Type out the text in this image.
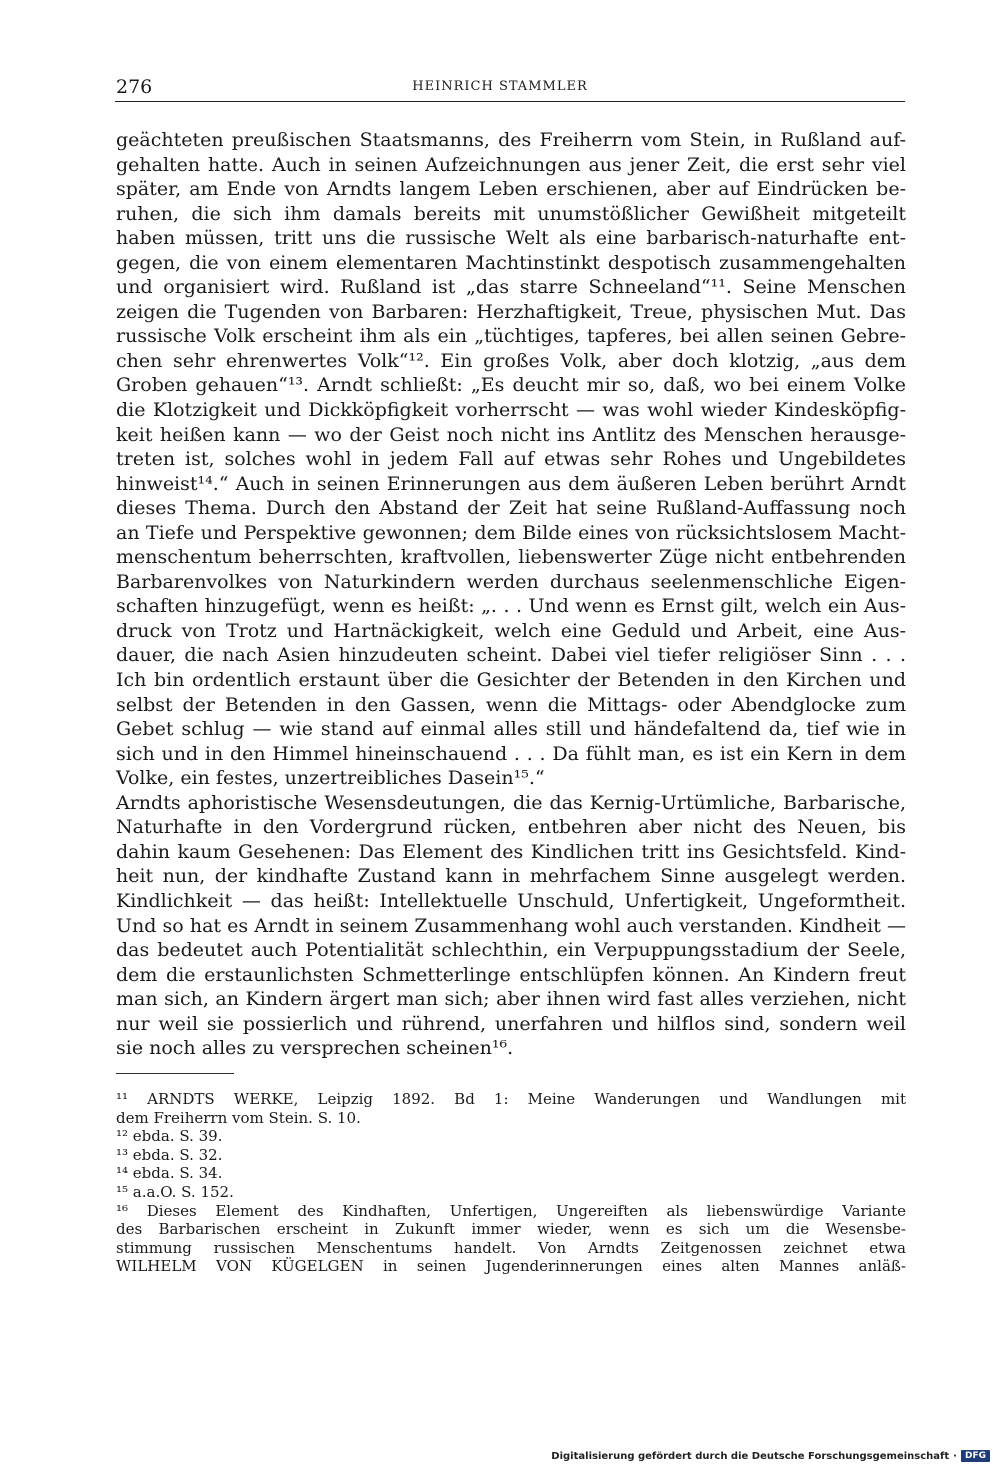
276	HEINRICH STAMMLER
geächteten preußischen Staatsmanns, des Freiherrn vom Stein, in Rußland auf-
gehalten hatte. Auch in seinen Aufzeichnungen aus jener Zeit, die erst sehr viel
später, am Ende von Arndts langem Leben erschienen, aber auf Eindrücken be-
ruhen, die sich ihm damals bereits mit unumstößlicher Gewißheit mitgeteilt
haben müssen, tritt uns die russische Welt als eine barbarisch-naturhafte ent-
gegen, die von einem elementaren Machtinstinkt despotisch zusammengehalten
und organisiert wird. Rußland ist „das starre Schneeland“¹¹. Seine Menschen
zeigen die Tugenden von Barbaren: Herzhaftigkeit, Treue, physischen Mut. Das
russische Volk erscheint ihm als ein „tüchtiges, tapferes, bei allen seinen Gebre-
chen sehr ehrenwertes Volk“¹². Ein großes Volk, aber doch klotzig, „aus dem
Groben gehauen“¹³. Arndt schließt: „Es deucht mir so, daß, wo bei einem Volke
die Klotzigkeit und Dickköpfigkeit vorherrscht — was wohl wieder Kindesköpfig-
keit heißen kann — wo der Geist noch nicht ins Antlitz des Menschen herausge-
treten ist, solches wohl in jedem Fall auf etwas sehr Rohes und Ungebildetes
hinweist¹⁴.“ Auch in seinen Erinnerungen aus dem äußeren Leben berührt Arndt
dieses Thema. Durch den Abstand der Zeit hat seine Rußland-Auffassung noch
an Tiefe und Perspektive gewonnen; dem Bilde eines von rücksichtslosem Macht-
menschentum beherrschten, kraftvollen, liebenswerter Züge nicht entbehrenden
Barbarenvolkes von Naturkindern werden durchaus seelenmenschliche Eigen-
schaften hinzugefügt, wenn es heißt: „. . . Und wenn es Ernst gilt, welch ein Aus-
druck von Trotz und Hartnäckigkeit, welch eine Geduld und Arbeit, eine Aus-
dauer, die nach Asien hinzudeuten scheint. Dabei viel tiefer religiöser Sinn . . .
Ich bin ordentlich erstaunt über die Gesichter der Betenden in den Kirchen und
selbst der Betenden in den Gassen, wenn die Mittags- oder Abendglocke zum
Gebet schlug — wie stand auf einmal alles still und händefaltend da, tief wie in
sich und in den Himmel hineinschauend . . . Da fühlt man, es ist ein Kern in dem
Volke, ein festes, unzertreibliches Dasein¹⁵.“
Arndts aphoristische Wesensdeutungen, die das Kernig-Urtümliche, Barbarische,
Naturhafte in den Vordergrund rücken, entbehren aber nicht des Neuen, bis
dahin kaum Gesehenen: Das Element des Kindlichen tritt ins Gesichtsfeld. Kind-
heit nun, der kindhafte Zustand kann in mehrfachem Sinne ausgelegt werden.
Kindlichkeit — das heißt: Intellektuelle Unschuld, Unfertigkeit, Ungeformtheit.
Und so hat es Arndt in seinem Zusammenhang wohl auch verstanden. Kindheit —
das bedeutet auch Potentialität schlechthin, ein Verpuppungsstadium der Seele,
dem die erstaunlichsten Schmetterlinge entschlüpfen können. An Kindern freut
man sich, an Kindern ärgert man sich; aber ihnen wird fast alles verziehen, nicht
nur weil sie possierlich und rührend, unerfahren und hilflos sind, sondern weil
sie noch alles zu versprechen scheinen¹⁶.
¹¹ ARNDTS WERKE, Leipzig 1892. Bd 1: Meine Wanderungen und Wandlungen mit
dem Freiherrn vom Stein. S. 10.
¹² ebda. S. 39.
¹³ ebda. S. 32.
¹⁴ ebda. S. 34.
¹⁵ a.a.O. S. 152.
¹⁶ Dieses Element des Kindhaften, Unfertigen, Ungereiften als liebenswürdige Variante
des Barbarischen erscheint in Zukunft immer wieder, wenn es sich um die Wesensbe-
stimmung russischen Menschentums handelt. Von Arndts Zeitgenossen zeichnet etwa
WILHELM VON KÜGELGEN in seinen Jugenderinnerungen eines alten Mannes anläß-
Digitalisierung gefördert durch die Deutsche Forschungsgemeinschaft · DFG
